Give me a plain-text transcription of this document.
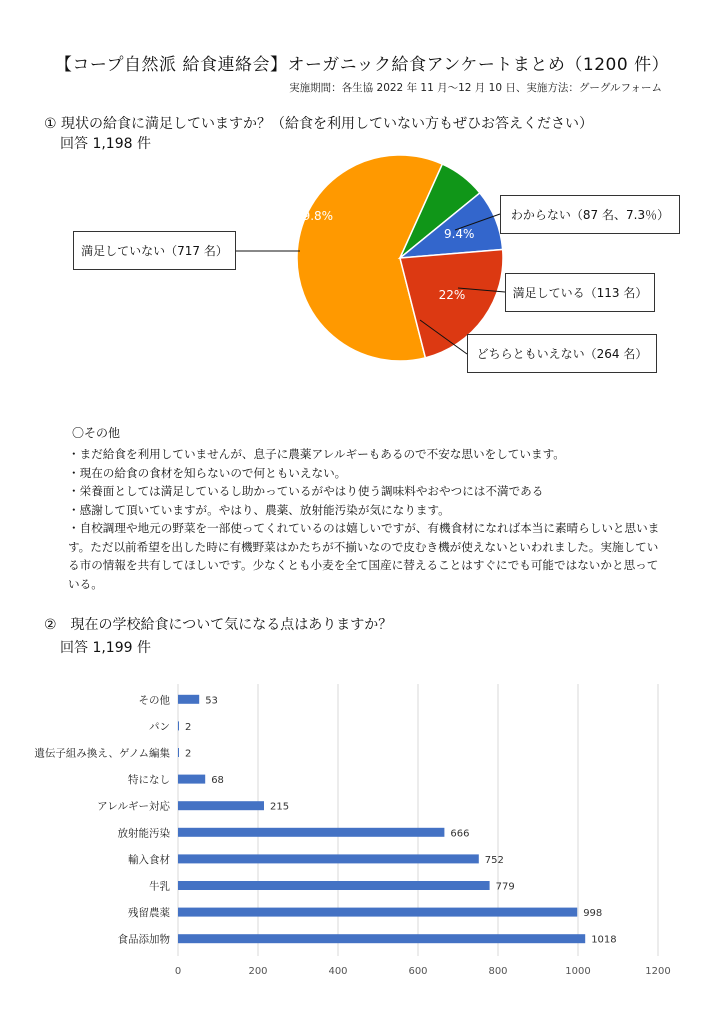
【コープ自然派 給食連絡会】オーガニック給食アンケートまとめ（1200 件）
実施期間：各生協 2022 年 11 月〜12 月 10 日、実施方法：グーグルフォーム
① 現状の給食に満足していますか？（給食を利用していない方もぜひお答えください）
回答 1,198 件
59.8%
9.4%
22%
満足していない（717 名）
わからない（87 名、7.3％）
満足している（113 名）
どちらともいえない（264 名）
〇その他
・まだ給食を利用していませんが、息子に農薬アレルギーもあるので不安な思いをしています。
・現在の給食の食材を知らないので何ともいえない。
・栄養面としては満足しているし助かっているがやはり使う調味料やおやつには不満である
・感謝して頂いていますが。やはり、農薬、放射能汚染が気になります。
・自校調理や地元の野菜を一部使ってくれているのは嬉しいですが、有機食材になれば本当に素晴らしいと思います。ただ以前希望を出した時に有機野菜はかたちが不揃いなので皮むき機が使えないといわれました。実施している市の情報を共有してほしいです。少なくとも小麦を全て国産に替えることはすぐにでも可能ではないかと思っている。
②　現在の学校給食について気になる点はありますか？
回答 1,199 件
その他
パン
遺伝子組み換え、ゲノム編集
特になし
アレルギー対応
放射能汚染
輸入食材
牛乳
残留農薬
食品添加物
53
2
2
68
215
666
752
779
998
1018
0	200	400	600	800	1000	1200
